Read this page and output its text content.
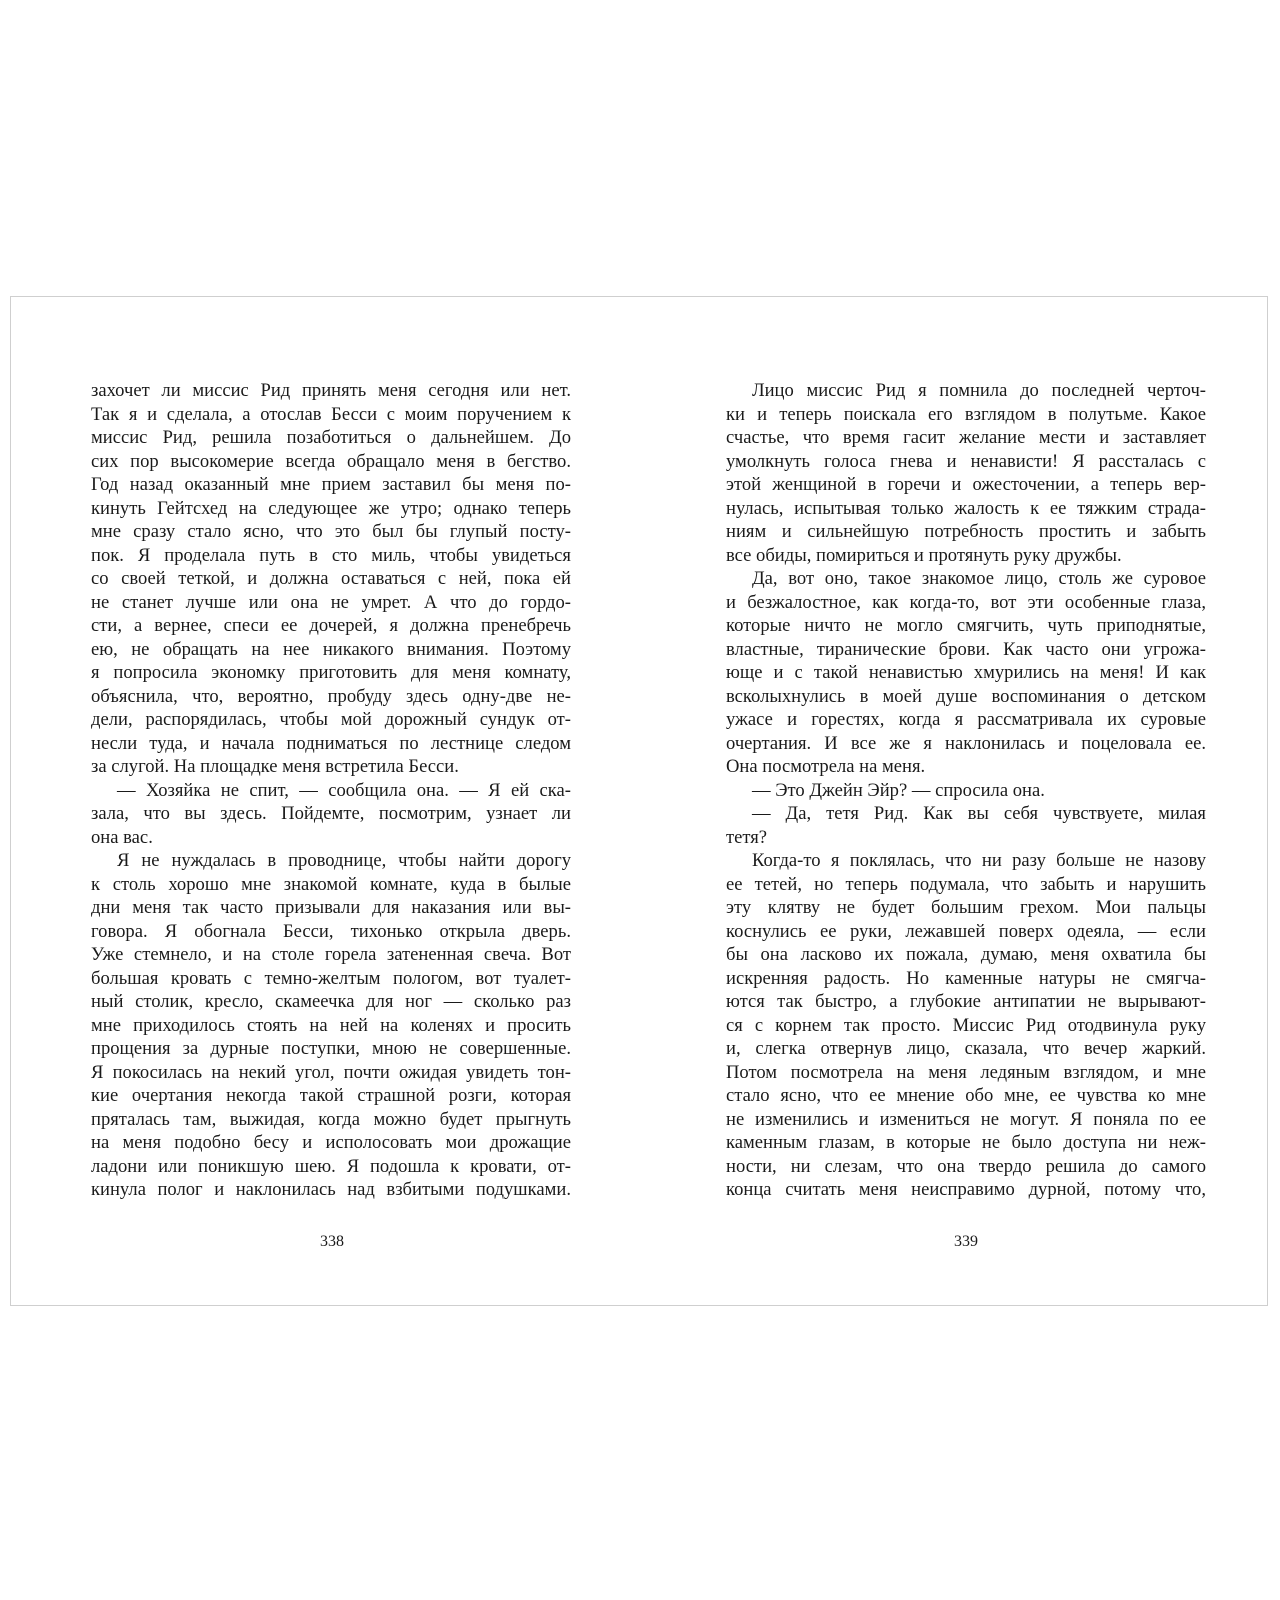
захочет ли миссис Рид принять меня сегодня или нет.
Так я и сделала, а отослав Бесси с моим поручением к
миссис Рид, решила позаботиться о дальнейшем. До
сих пор высокомерие всегда обращало меня в бегство.
Год назад оказанный мне прием заставил бы меня по-
кинуть Гейтсхед на следующее же утро; однако теперь
мне сразу стало ясно, что это был бы глупый посту-
пок. Я проделала путь в сто миль, чтобы увидеться
со своей теткой, и должна оставаться с ней, пока ей
не станет лучше или она не умрет. А что до гордо-
сти, а вернее, спеси ее дочерей, я должна пренебречь
ею, не обращать на нее никакого внимания. Поэтому
я попросила экономку приготовить для меня комнату,
объяснила, что, вероятно, пробуду здесь одну-две не-
дели, распорядилась, чтобы мой дорожный сундук от-
несли туда, и начала подниматься по лестнице следом
за слугой. На площадке меня встретила Бесси.
— Хозяйка не спит, — сообщила она. — Я ей ска-
зала, что вы здесь. Пойдемте, посмотрим, узнает ли
она вас.
Я не нуждалась в проводнице, чтобы найти дорогу
к столь хорошо мне знакомой комнате, куда в былые
дни меня так часто призывали для наказания или вы-
говора. Я обогнала Бесси, тихонько открыла дверь.
Уже стемнело, и на столе горела затененная свеча. Вот
большая кровать с темно-желтым пологом, вот туалет-
ный столик, кресло, скамеечка для ног — сколько раз
мне приходилось стоять на ней на коленях и просить
прощения за дурные поступки, мною не совершенные.
Я покосилась на некий угол, почти ожидая увидеть тон-
кие очертания некогда такой страшной розги, которая
пряталась там, выжидая, когда можно будет прыгнуть
на меня подобно бесу и исполосовать мои дрожащие
ладони или поникшую шею. Я подошла к кровати, от-
кинула полог и наклонилась над взбитыми подушками.
Лицо миссис Рид я помнила до последней черточ-
ки и теперь поискала его взглядом в полутьме. Какое
счастье, что время гасит желание мести и заставляет
умолкнуть голоса гнева и ненависти! Я рассталась с
этой женщиной в горечи и ожесточении, а теперь вер-
нулась, испытывая только жалость к ее тяжким страда-
ниям и сильнейшую потребность простить и забыть
все обиды, помириться и протянуть руку дружбы.
Да, вот оно, такое знакомое лицо, столь же суровое
и безжалостное, как когда-то, вот эти особенные глаза,
которые ничто не могло смягчить, чуть приподнятые,
властные, тиранические брови. Как часто они угрожа-
юще и с такой ненавистью хмурились на меня! И как
всколыхнулись в моей душе воспоминания о детском
ужасе и горестях, когда я рассматривала их суровые
очертания. И все же я наклонилась и поцеловала ее.
Она посмотрела на меня.
— Это Джейн Эйр? — спросила она.
— Да, тетя Рид. Как вы себя чувствуете, милая
тетя?
Когда-то я поклялась, что ни разу больше не назову
ее тетей, но теперь подумала, что забыть и нарушить
эту клятву не будет большим грехом. Мои пальцы
коснулись ее руки, лежавшей поверх одеяла, — если
бы она ласково их пожала, думаю, меня охватила бы
искренняя радость. Но каменные натуры не смягча-
ются так быстро, а глубокие антипатии не вырывают-
ся с корнем так просто. Миссис Рид отодвинула руку
и, слегка отвернув лицо, сказала, что вечер жаркий.
Потом посмотрела на меня ледяным взглядом, и мне
стало ясно, что ее мнение обо мне, ее чувства ко мне
не изменились и измениться не могут. Я поняла по ее
каменным глазам, в которые не было доступа ни неж-
ности, ни слезам, что она твердо решила до самого
конца считать меня неисправимо дурной, потому что,
338	339
